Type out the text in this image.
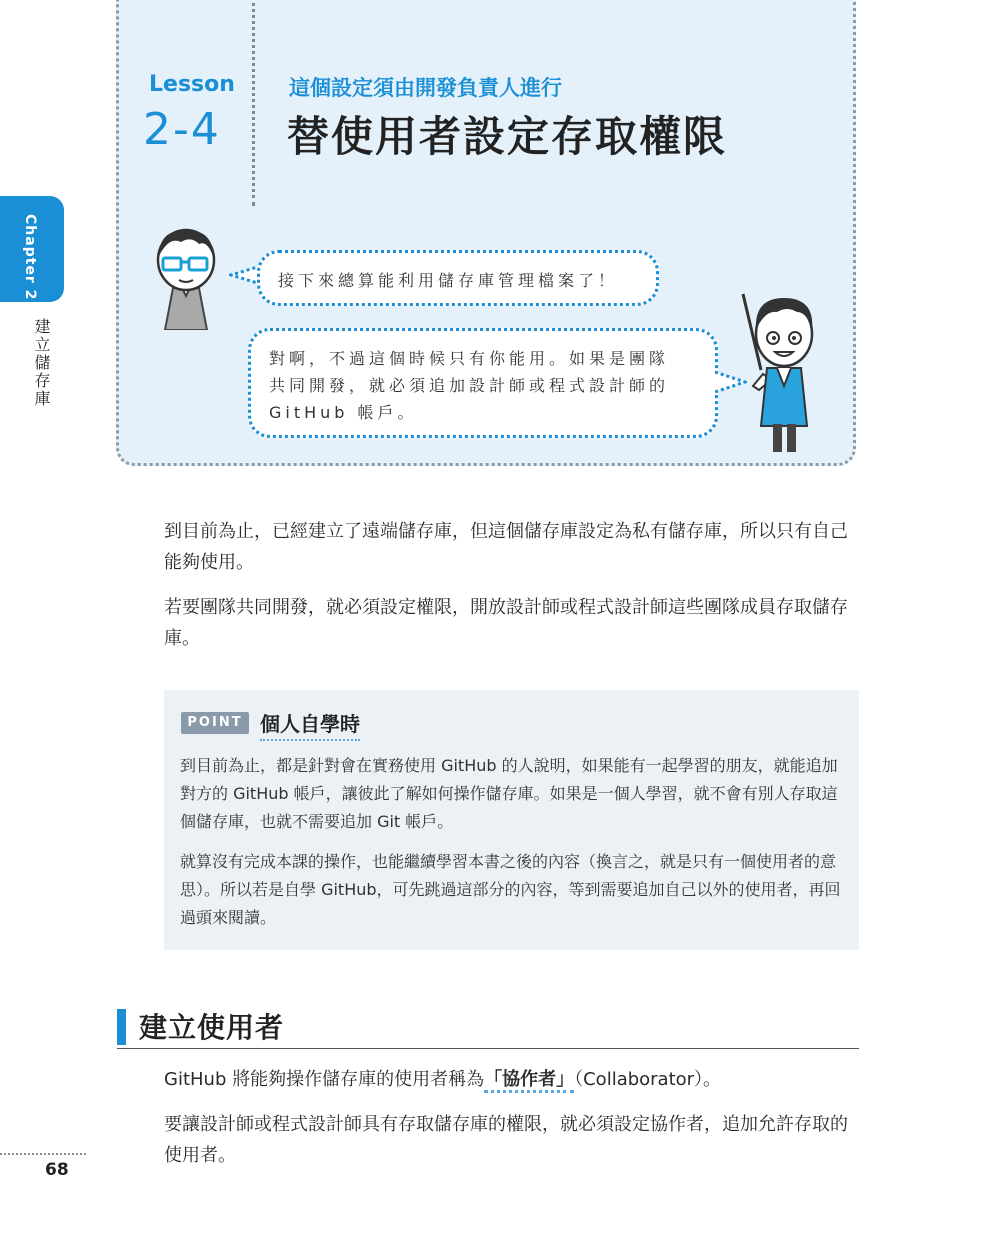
Lesson
2-4
這個設定須由開發負責人進行
替使用者設定存取權限
接下來總算能利用儲存庫管理檔案了！
對啊，不過這個時候只有你能用。如果是團隊
共同開發，就必須追加設計師或程式設計師的
GitHub 帳戶。
Chapter 2
建立儲存庫
到目前為止，已經建立了遠端儲存庫，但這個儲存庫設定為私有儲存庫，所以只有自己能夠使用。
若要團隊共同開發，就必須設定權限，開放設計師或程式設計師這些團隊成員存取儲存庫。
POINT 個人自學時
到目前為止，都是針對會在實務使用 GitHub 的人說明，如果能有一起學習的朋友，就能追加對方的 GitHub 帳戶，讓彼此了解如何操作儲存庫。如果是一個人學習，就不會有別人存取這個儲存庫，也就不需要追加 Git 帳戶。
就算沒有完成本課的操作，也能繼續學習本書之後的內容（換言之，就是只有一個使用者的意思）。所以若是自學 GitHub，可先跳過這部分的內容，等到需要追加自己以外的使用者，再回過頭來閱讀。
建立使用者
GitHub 將能夠操作儲存庫的使用者稱為「協作者」（Collaborator）。
要讓設計師或程式設計師具有存取儲存庫的權限，就必須設定協作者，追加允許存取的使用者。
68
